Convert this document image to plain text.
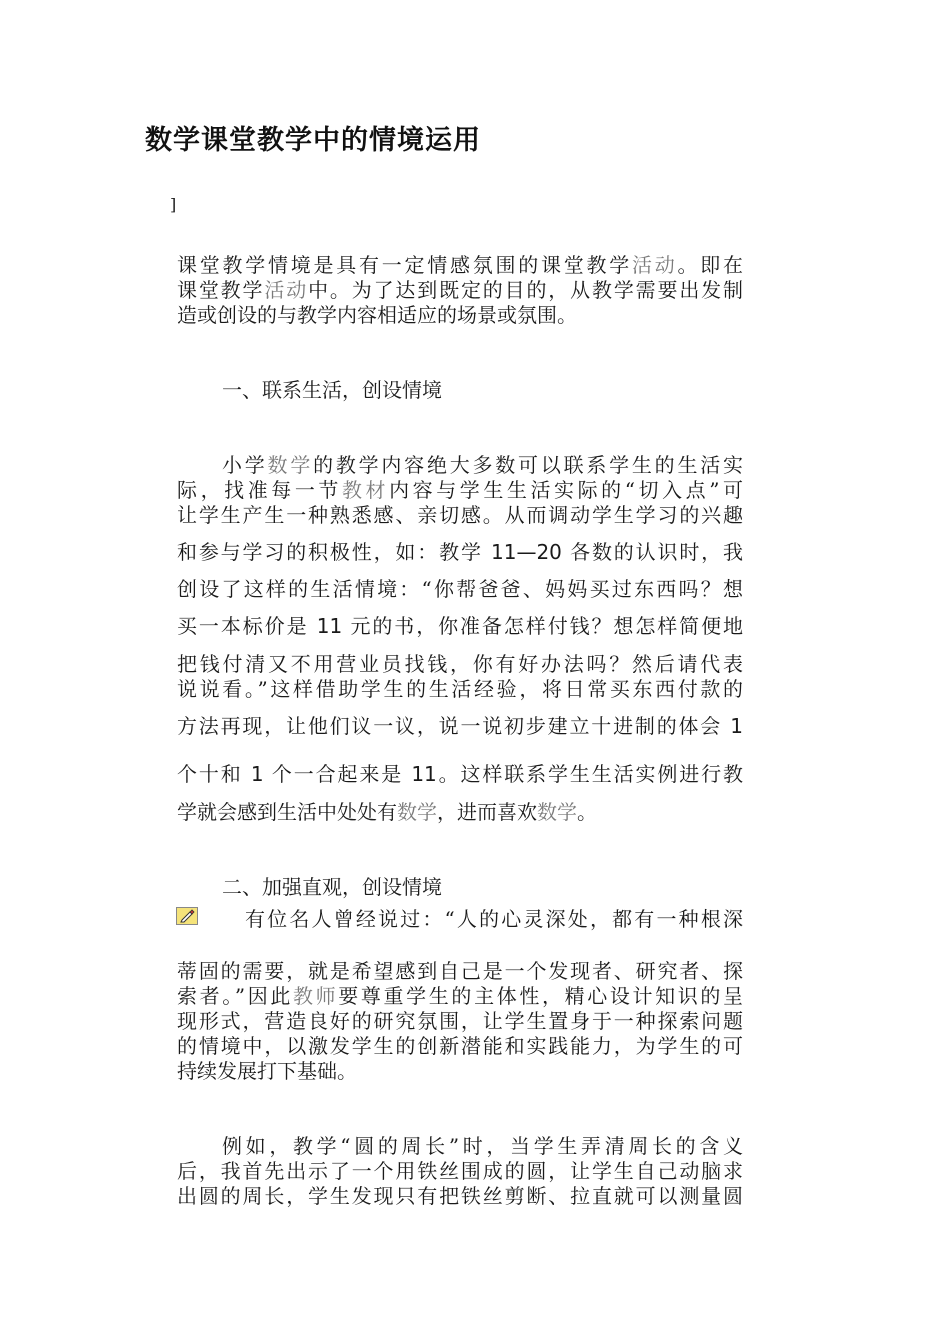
数学课堂教学中的情境运用
]
课堂教学情境是具有一定情感氛围的课堂教学活动。即在
课堂教学活动中。为了达到既定的目的，从教学需要出发制
造或创设的与教学内容相适应的场景或氛围。
一、联系生活，创设情境
小学数学的教学内容绝大多数可以联系学生的生活实
际，找准每一节教材内容与学生生活实际的“切入点”可
让学生产生一种熟悉感、亲切感。从而调动学生学习的兴趣
和参与学习的积极性，如：教学 11—20 各数的认识时，我
创设了这样的生活情境：“你帮爸爸、妈妈买过东西吗？想
买一本标价是 11 元的书，你准备怎样付钱？想怎样简便地
把钱付清又不用营业员找钱，你有好办法吗？然后请代表
说说看。”这样借助学生的生活经验，将日常买东西付款的
方法再现，让他们议一议，说一说初步建立十进制的体会 1
个十和 1 个一合起来是 11。这样联系学生生活实例进行教
学就会感到生活中处处有数学，进而喜欢数学。
二、加强直观，创设情境
有位名人曾经说过：“人的心灵深处，都有一种根深
蒂固的需要，就是希望感到自己是一个发现者、研究者、探
索者。”因此教师要尊重学生的主体性，精心设计知识的呈
现形式，营造良好的研究氛围，让学生置身于一种探索问题
的情境中，以激发学生的创新潜能和实践能力，为学生的可
持续发展打下基础。
例如，教学“圆的周长”时，当学生弄清周长的含义
后，我首先出示了一个用铁丝围成的圆，让学生自己动脑求
出圆的周长，学生发现只有把铁丝剪断、拉直就可以测量圆
